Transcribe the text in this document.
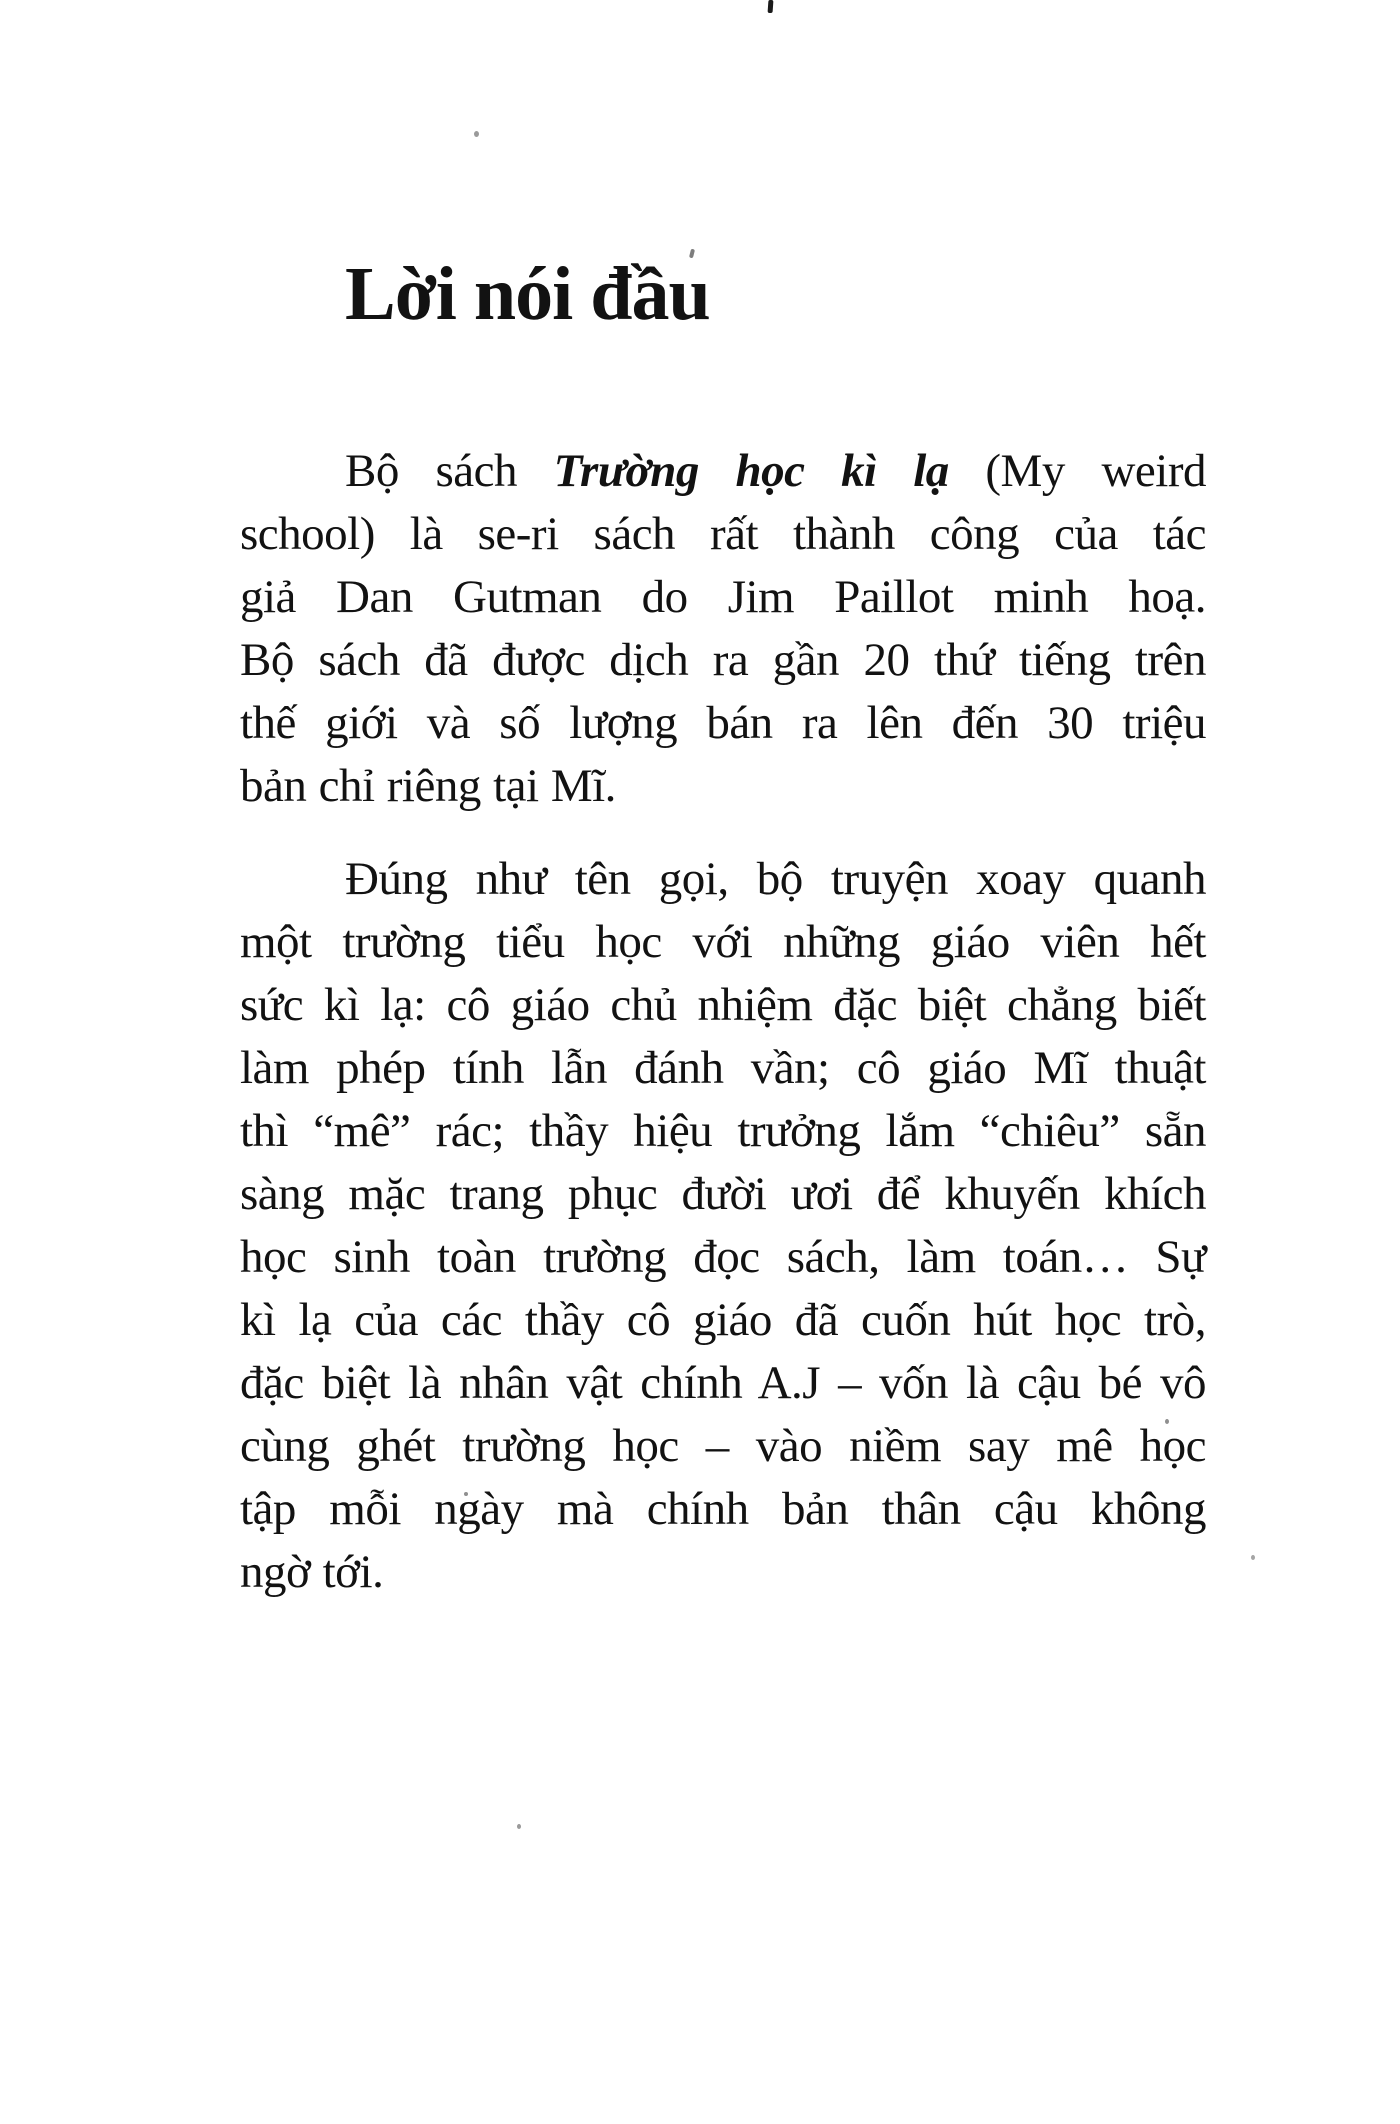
Lời nói đầu
Bộ sách Trường học kì lạ (My weird
school) là se-ri sách rất thành công của tác
giả Dan Gutman do Jim Paillot minh hoạ.
Bộ sách đã được dịch ra gần 20 thứ tiếng trên
thế giới và số lượng bán ra lên đến 30 triệu
bản chỉ riêng tại Mĩ.
Đúng như tên gọi, bộ truyện xoay quanh
một trường tiểu học với những giáo viên hết
sức kì lạ: cô giáo chủ nhiệm đặc biệt chẳng biết
làm phép tính lẫn đánh vần; cô giáo Mĩ thuật
thì “mê” rác; thầy hiệu trưởng lắm “chiêu” sẵn
sàng mặc trang phục đười ươi để khuyến khích
học sinh toàn trường đọc sách, làm toán… Sự
kì lạ của các thầy cô giáo đã cuốn hút học trò,
đặc biệt là nhân vật chính A.J – vốn là cậu bé vô
cùng ghét trường học – vào niềm say mê học
tập mỗi ngày mà chính bản thân cậu không
ngờ tới.
